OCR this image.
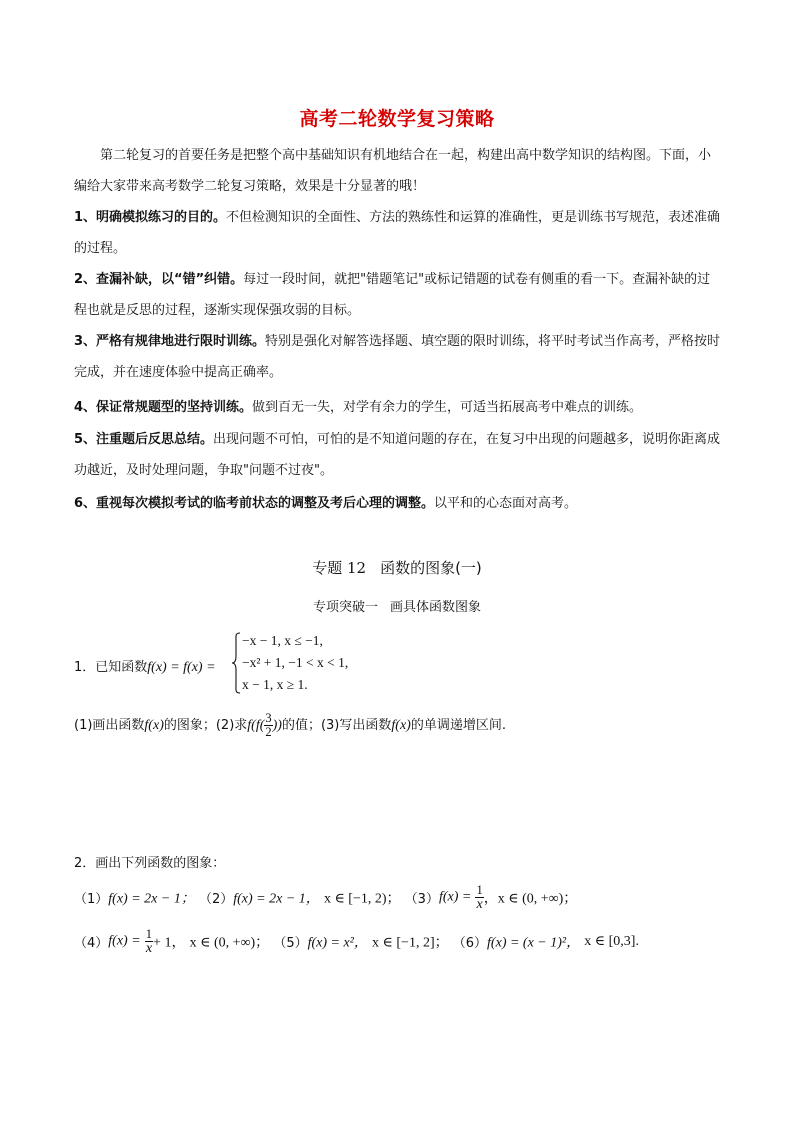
高考二轮数学复习策略
第二轮复习的首要任务是把整个高中基础知识有机地结合在一起，构建出高中数学知识的结构图。下面，小编给大家带来高考数学二轮复习策略，效果是十分显著的哦！
1、明确模拟练习的目的。不但检测知识的全面性、方法的熟练性和运算的准确性，更是训练书写规范，表述准确的过程。
2、查漏补缺，以“错”纠错。每过一段时间，就把"错题笔记"或标记错题的试卷有侧重的看一下。查漏补缺的过程也就是反思的过程，逐渐实现保强攻弱的目标。
3、严格有规律地进行限时训练。特别是强化对解答选择题、填空题的限时训练，将平时考试当作高考，严格按时完成，并在速度体验中提高正确率。
4、保证常规题型的坚持训练。做到百无一失，对学有余力的学生，可适当拓展高考中难点的训练。
5、注重题后反思总结。出现问题不可怕，可怕的是不知道问题的存在，在复习中出现的问题越多，说明你距离成功越近，及时处理问题，争取"问题不过夜"。
6、重视每次模拟考试的临考前状态的调整及考后心理的调整。以平和的心态面对高考。
专题 12 函数的图象(一)
专项突破一 画具体函数图象
1．已知函数f(x) = f(x) =
−x − 1, x ≤ −1,
−x² + 1, −1 < x < 1,
x − 1, x ≥ 1.
(1)画出函数f(x)的图象；(2)求$f(f( \frac{3}{2}$ ))的值；(3)写出函数f(x)的单调递增区间.
2．画出下列函数的图象：
（1）f(x) = 2x − 1； （2）f(x) = 2x − 1， x ∈ [−1, 2)； $(3)f(x) = \frac{1}{x}$ ，x ∈ (0, +∞)；
$(4)f(x) = \frac{1}{x} + 1$， x ∈ (0, +∞)； （5）f(x) = x²， x ∈ [−1, 2]； （6）f(x) = (x − 1)²， x ∈ [0,3].
